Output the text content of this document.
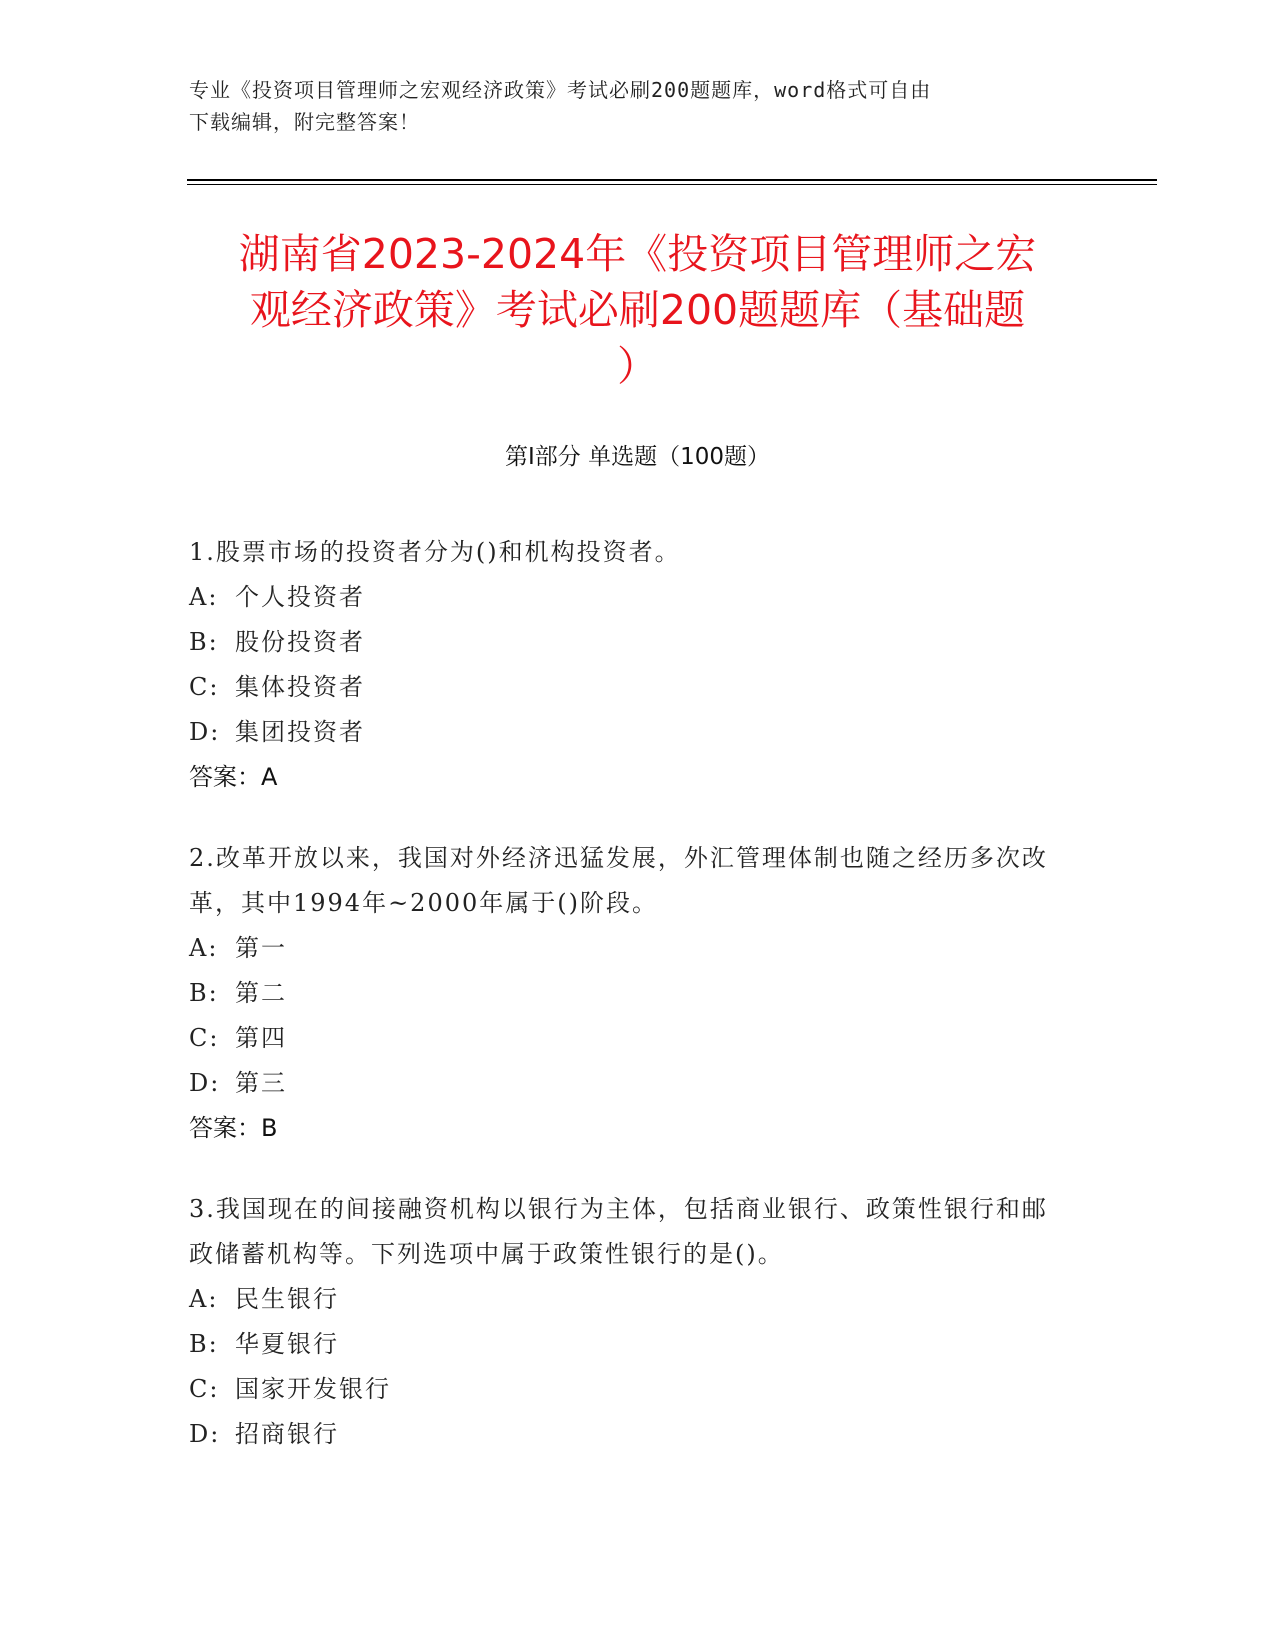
专业《投资项目管理师之宏观经济政策》考试必刷200题题库，word格式可自由
下载编辑，附完整答案！
湖南省2023-2024年《投资项目管理师之宏
观经济政策》考试必刷200题题库（基础题
）
第Ⅰ部分 单选题（100题）

1.股票市场的投资者分为()和机构投资者。

A: 个人投资者

B: 股份投资者

C: 集体投资者

D: 集团投资者

答案：A

2.改革开放以来，我国对外经济迅猛发展，外汇管理体制也随之经历多次改革，其中1994年~2000年属于()阶段。

A: 第一

B: 第二

C: 第四

D: 第三

答案：B

3.我国现在的间接融资机构以银行为主体，包括商业银行、政策性银行和邮政储蓄机构等。下列选项中属于政策性银行的是()。

A: 民生银行

B: 华夏银行

C: 国家开发银行

D: 招商银行
